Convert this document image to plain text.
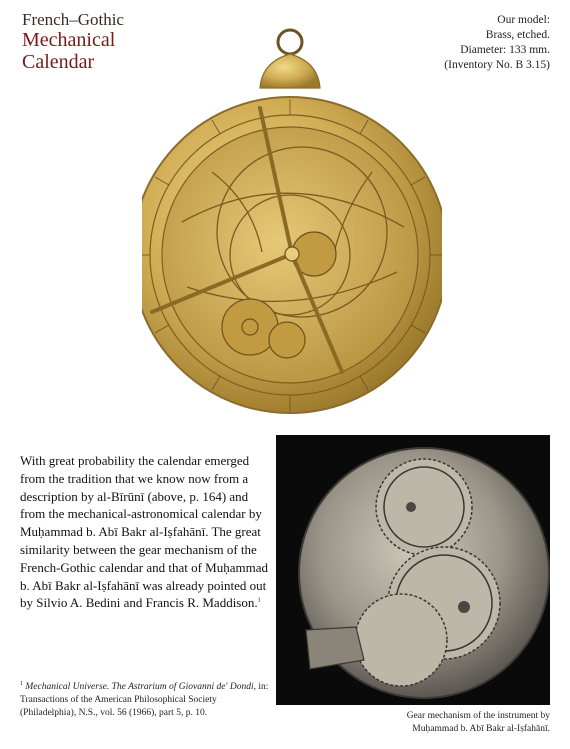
French–Gothic
Mechanical
Calendar
Our model:
Brass, etched.
Diameter: 133 mm.
(Inventory No. B 3.15)
With great probability the calendar emerged from the tradition that we know now from a description by al-Bīrūnī (above, p. 164) and from the mechanical-astronomical calendar by Muḥammad b. Abī Bakr al-Iṣfahānī. The great similarity between the gear mechanism of the French-Gothic calendar and that of Muḥammad b. Abī Bakr al-Iṣfahānī was already pointed out by Silvio A. Bedini and Francis R. Maddison.$^1$
$^1$ Mechanical Universe. The Astrarium of Giovanni de' Dondi, in: Transactions of the American Philosophical Society (Philadelphia), N.S., vol. 56 (1966), part 5, p. 10.	Gear mechanism of the instrument by
Muḥammad b. Abī Bakr al-Iṣfahānī.
